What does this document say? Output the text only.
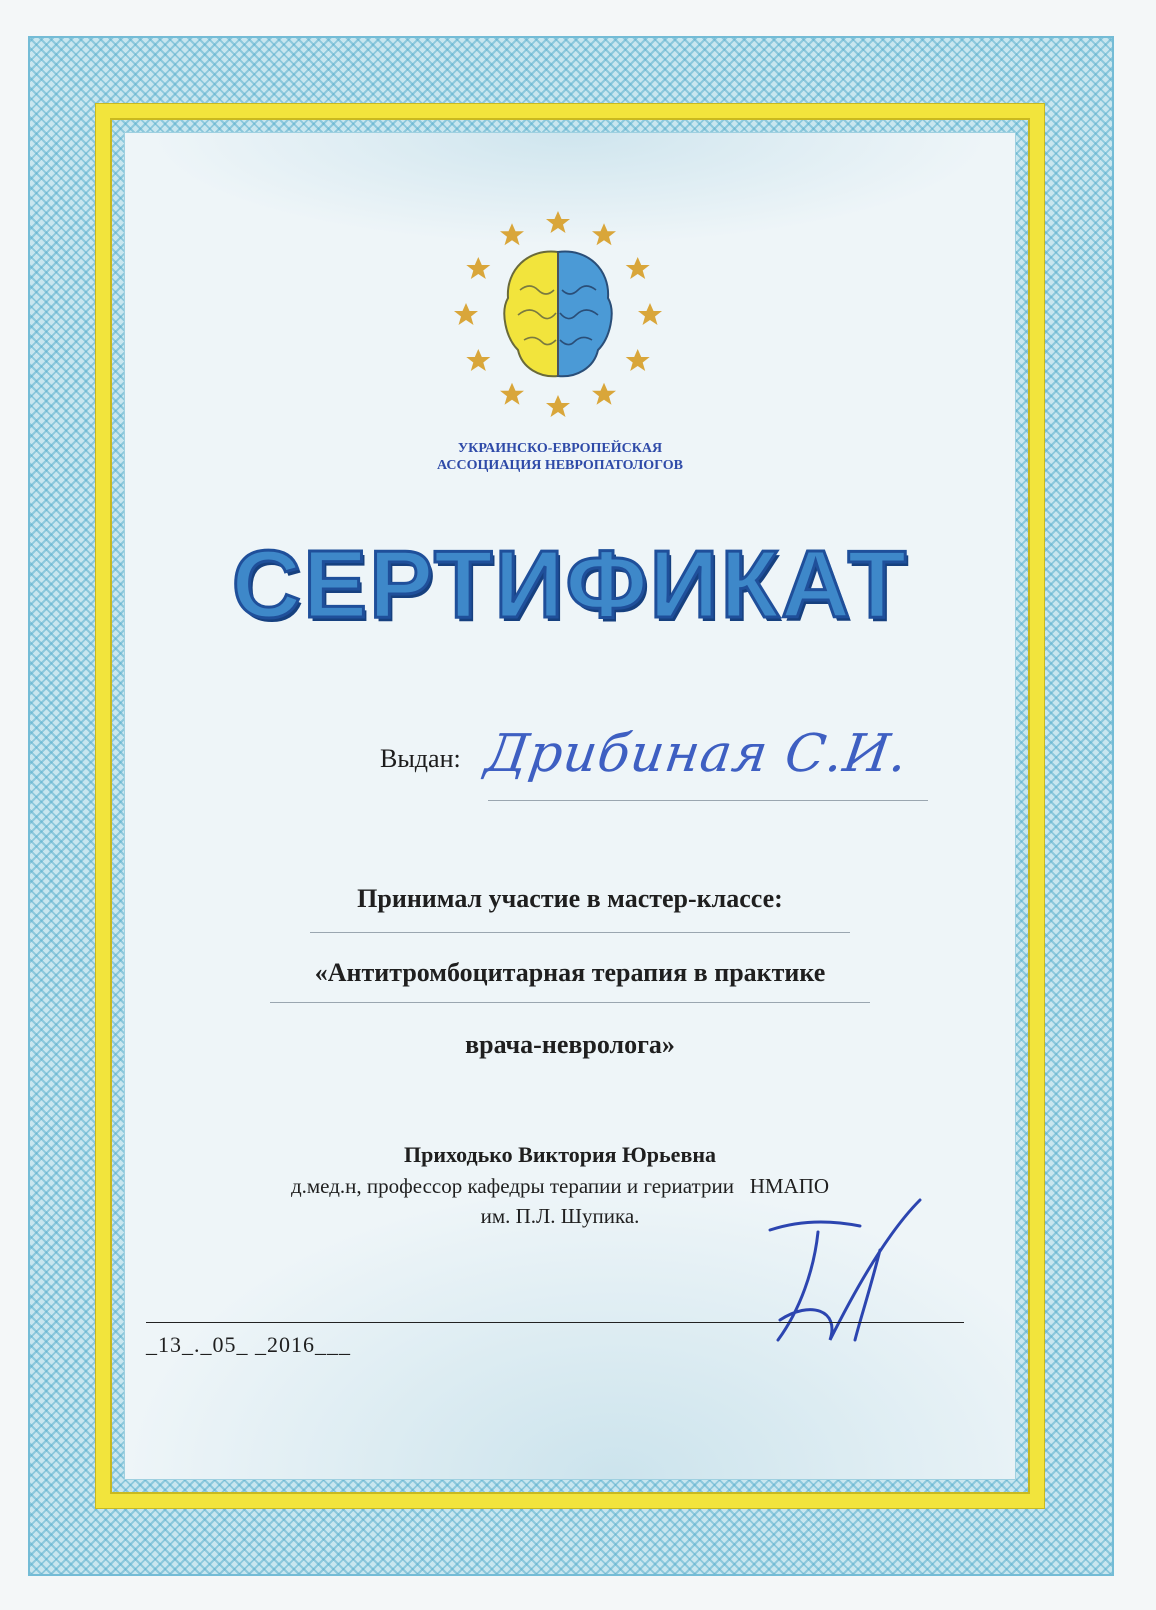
УКРАИНСКО-ЕВРОПЕЙСКАЯ
АССОЦИАЦИЯ НЕВРОПАТОЛОГОВ
СЕРТИФИКАТ
Выдан: Дрибиная С.И.
Принимал участие в мастер-классе:
«Антитромбоцитарная терапия в практике
врача-невролога»
Приходько Виктория Юрьевна
д.мед.н, профессор кафедры терапии и гериатрии   НМАПО
им. П.Л. Шупика.
_13_._05_ _2016___
